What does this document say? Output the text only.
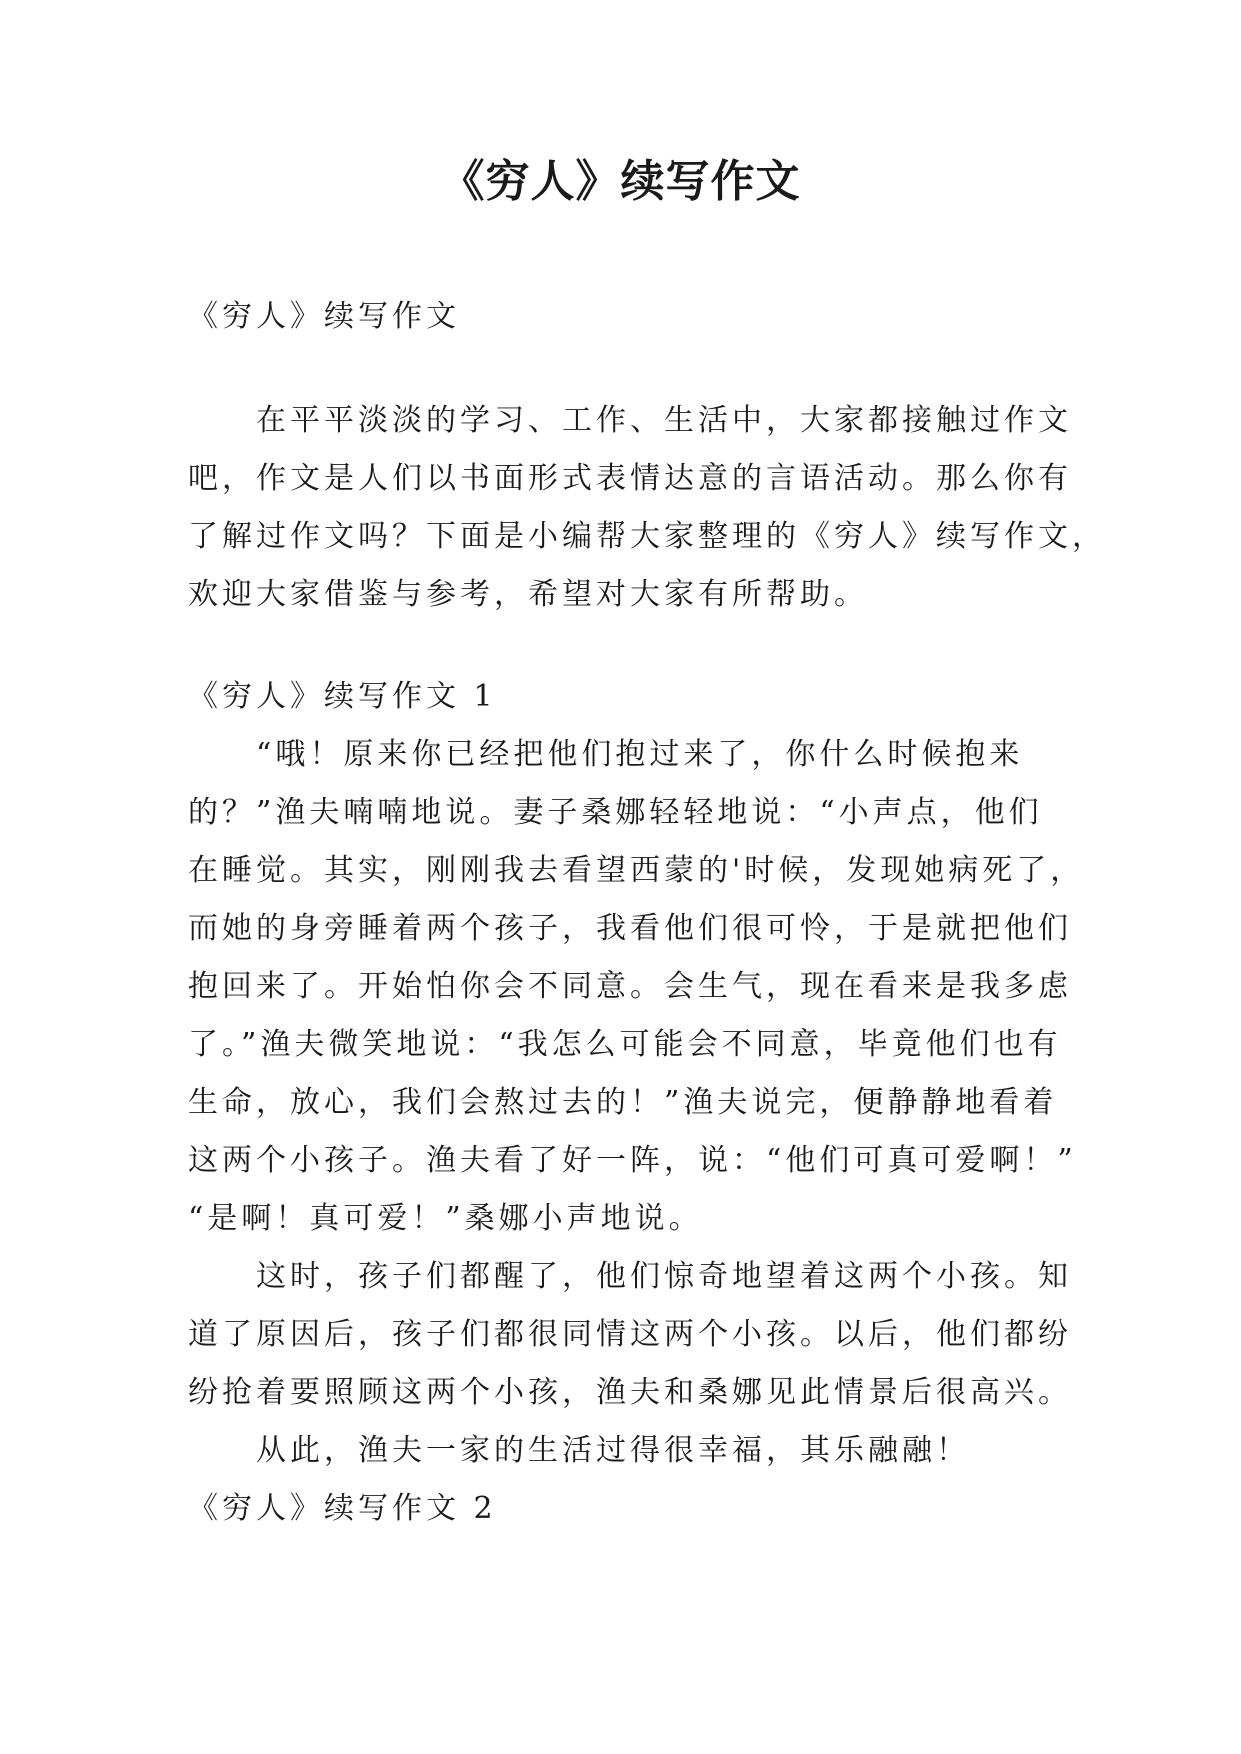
《穷人》续写作文

《穷人》续写作文

在平平淡淡的学习、工作、生活中，大家都接触过作文

吧，作文是人们以书面形式表情达意的言语活动。那么你有

了解过作文吗？下面是小编帮大家整理的《穷人》续写作文，

欢迎大家借鉴与参考，希望对大家有所帮助。

《穷人》续写作文 1

“哦！原来你已经把他们抱过来了，你什么时候抱来

的？”渔夫喃喃地说。妻子桑娜轻轻地说：“小声点，他们

在睡觉。其实，刚刚我去看望西蒙的'时候，发现她病死了，

而她的身旁睡着两个孩子，我看他们很可怜，于是就把他们

抱回来了。开始怕你会不同意。会生气，现在看来是我多虑

了。”渔夫微笑地说：“我怎么可能会不同意，毕竟他们也有

生命，放心，我们会熬过去的！”渔夫说完，便静静地看着

这两个小孩子。渔夫看了好一阵，说：“他们可真可爱啊！”

“是啊！真可爱！”桑娜小声地说。

这时，孩子们都醒了，他们惊奇地望着这两个小孩。知

道了原因后，孩子们都很同情这两个小孩。以后，他们都纷

纷抢着要照顾这两个小孩，渔夫和桑娜见此情景后很高兴。

从此，渔夫一家的生活过得很幸福，其乐融融！

《穷人》续写作文 2
